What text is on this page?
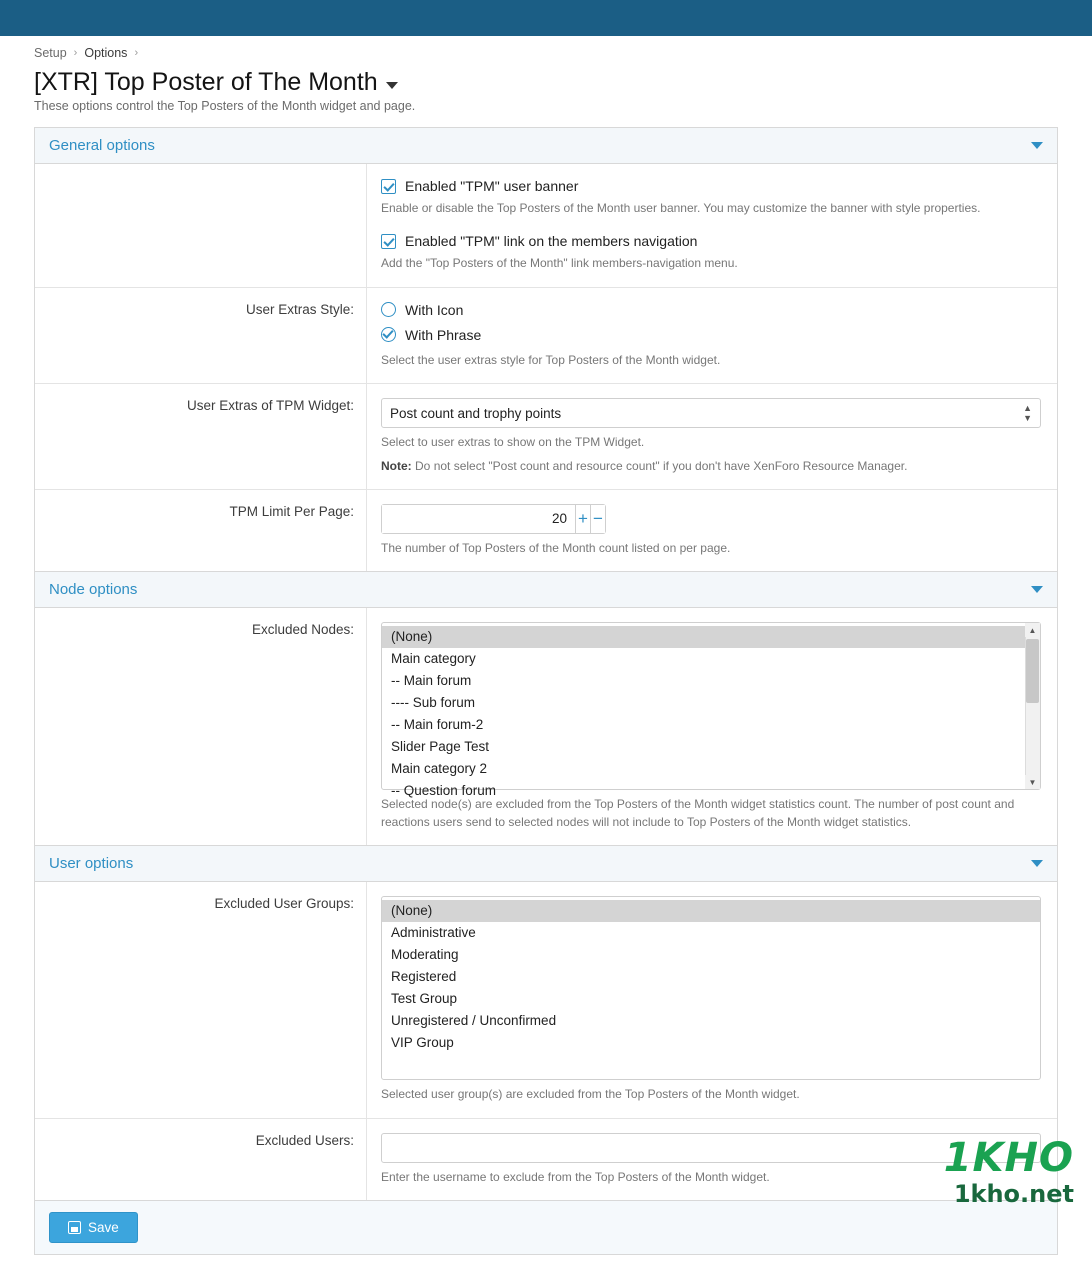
Setup › Options ›
[XTR] Top Poster of The Month

These options control the Top Posters of the Month widget and page.

General options

Enabled "TPM" user banner
Enable or disable the Top Posters of the Month user banner. You may customize the banner with style properties.
Enabled "TPM" link on the members navigation
Add the "Top Posters of the Month" link members-navigation menu.
User Extras Style:	With Icon
With Phrase
Select the user extras style for Top Posters of the Month widget.
User Extras of TPM Widget:	Post count and trophy points	▲
▼
Select to user extras to show on the TPM Widget.
Note: Do not select "Post count and resource count" if you don't have XenForo Resource Manager.
TPM Limit Per Page:
20	+ −
The number of Top Posters of the Month count listed on per page.
Node options
Excluded Nodes:	(None)
Main category
-- Main forum
---- Sub forum
-- Main forum-2
Slider Page Test
Main category 2
-- Question forum
▲
▼
Selected node(s) are excluded from the Top Posters of the Month widget statistics count. The number of post count and reactions users send to selected nodes will not include to Top Posters of the Month widget statistics.
User options
Excluded User Groups:	(None)
Administrative
Moderating
Registered
Test Group
Unregistered / Unconfirmed
VIP Group

Selected user group(s) are excluded from the Top Posters of the Month widget.
Excluded Users:
Enter the username to exclude from the Top Posters of the Month widget.
Save
1KHO
1kho.net
